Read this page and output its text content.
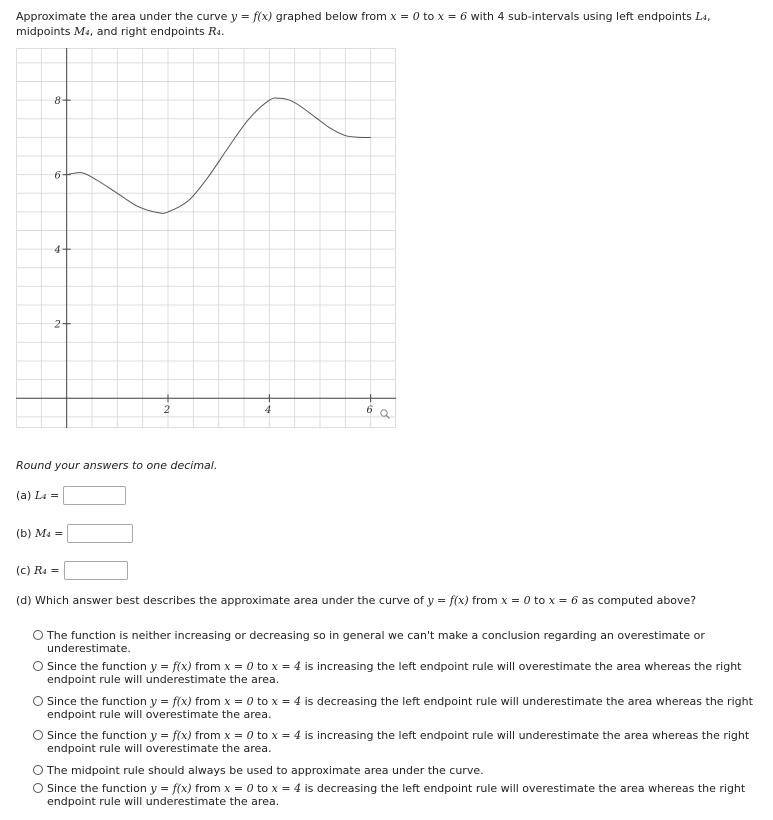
Approximate the area under the curve y = f(x) graphed below from x = 0 to x = 6 with 4 sub-intervals using left endpoints L₄, midpoints M₄, and right endpoints R₄.
2	4	6
2
4
6
8
Round your answers to one decimal.
(a) L₄ =
(b) M₄ =
(c) R₄ =
(d) Which answer best describes the approximate area under the curve of y = f(x) from x = 0 to x = 6 as computed above?
The function is neither increasing or decreasing so in general we can't make a conclusion regarding an overestimate or underestimate.
Since the function y = f(x) from x = 0 to x = 4 is increasing the left endpoint rule will overestimate the area whereas the right endpoint rule will underestimate the area.
Since the function y = f(x) from x = 0 to x = 4 is decreasing the left endpoint rule will underestimate the area whereas the right endpoint rule will overestimate the area.
Since the function y = f(x) from x = 0 to x = 4 is increasing the left endpoint rule will underestimate the area whereas the right endpoint rule will overestimate the area.
The midpoint rule should always be used to approximate area under the curve.
Since the function y = f(x) from x = 0 to x = 4 is decreasing the left endpoint rule will overestimate the area whereas the right endpoint rule will underestimate the area.
